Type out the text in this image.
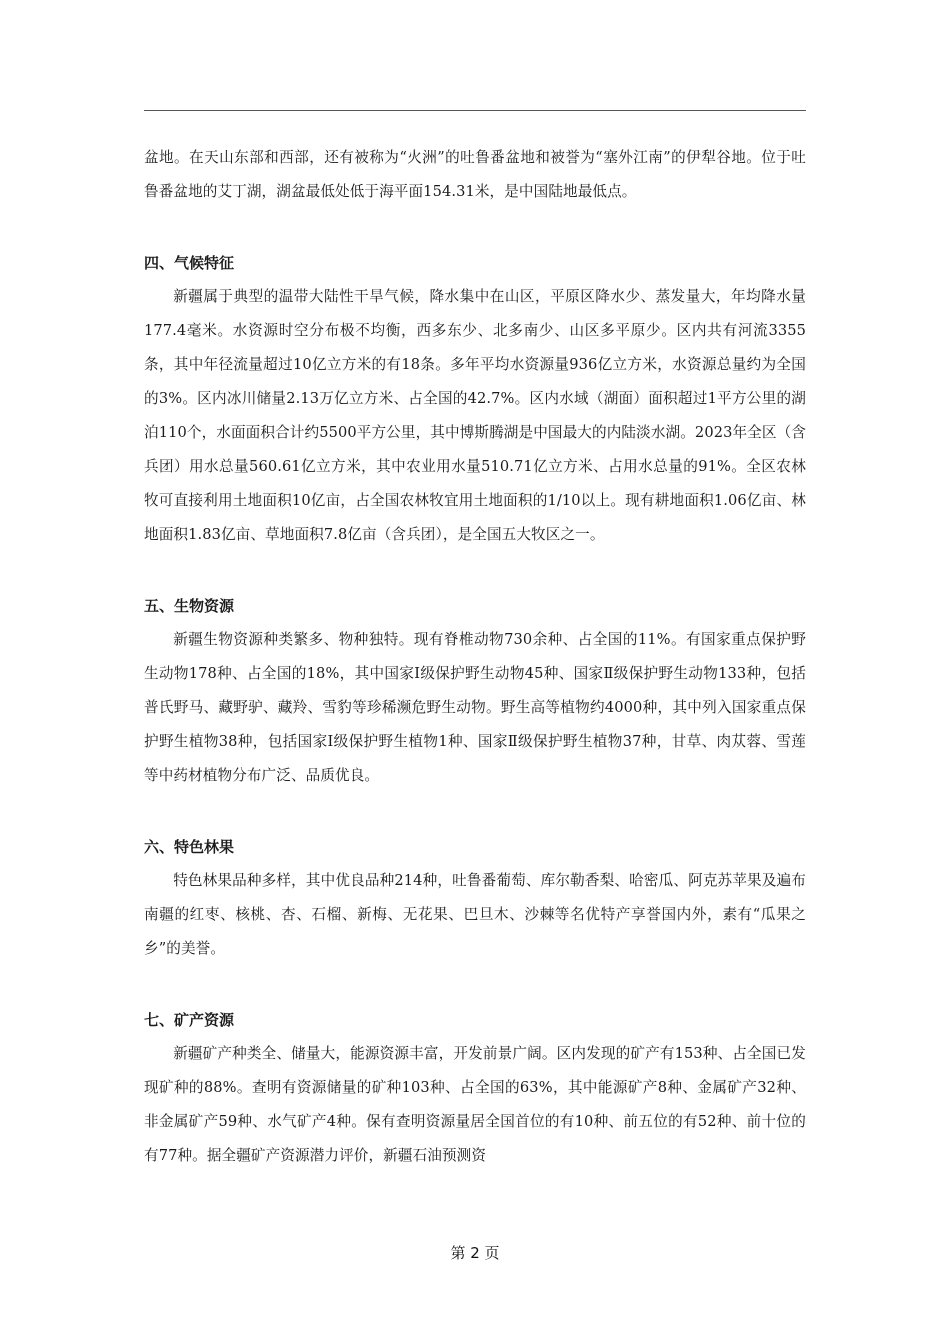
盆地。在天山东部和西部，还有被称为“火洲”的吐鲁番盆地和被誉为“塞外江南”的伊犁谷地。位于吐鲁番盆地的艾丁湖，湖盆最低处低于海平面154.31米，是中国陆地最低点。

四、气候特征

新疆属于典型的温带大陆性干旱气候，降水集中在山区，平原区降水少、蒸发量大，年均降水量177.4毫米。水资源时空分布极不均衡，西多东少、北多南少、山区多平原少。区内共有河流3355条，其中年径流量超过10亿立方米的有18条。多年平均水资源量936亿立方米，水资源总量约为全国的3%。区内冰川储量2.13万亿立方米、占全国的42.7%。区内水域（湖面）面积超过1平方公里的湖泊110个，水面面积合计约5500平方公里，其中博斯腾湖是中国最大的内陆淡水湖。2023年全区（含兵团）用水总量560.61亿立方米，其中农业用水量510.71亿立方米、占用水总量的91%。全区农林牧可直接利用土地面积10亿亩，占全国农林牧宜用土地面积的1/10以上。现有耕地面积1.06亿亩、林地面积1.83亿亩、草地面积7.8亿亩（含兵团），是全国五大牧区之一。

五、生物资源

新疆生物资源种类繁多、物种独特。现有脊椎动物730余种、占全国的11%。有国家重点保护野生动物178种、占全国的18%，其中国家Ⅰ级保护野生动物45种、国家Ⅱ级保护野生动物133种，包括普氏野马、藏野驴、藏羚、雪豹等珍稀濒危野生动物。野生高等植物约4000种，其中列入国家重点保护野生植物38种，包括国家Ⅰ级保护野生植物1种、国家Ⅱ级保护野生植物37种，甘草、肉苁蓉、雪莲等中药材植物分布广泛、品质优良。

六、特色林果

特色林果品种多样，其中优良品种214种，吐鲁番葡萄、库尔勒香梨、哈密瓜、阿克苏苹果及遍布南疆的红枣、核桃、杏、石榴、新梅、无花果、巴旦木、沙棘等名优特产享誉国内外，素有“瓜果之乡”的美誉。

七、矿产资源

新疆矿产种类全、储量大，能源资源丰富，开发前景广阔。区内发现的矿产有153种、占全国已发现矿种的88%。查明有资源储量的矿种103种、占全国的63%，其中能源矿产8种、金属矿产32种、非金属矿产59种、水气矿产4种。保有查明资源量居全国首位的有10种、前五位的有52种、前十位的有77种。据全疆矿产资源潜力评价，新疆石油预测资

第 2 页
